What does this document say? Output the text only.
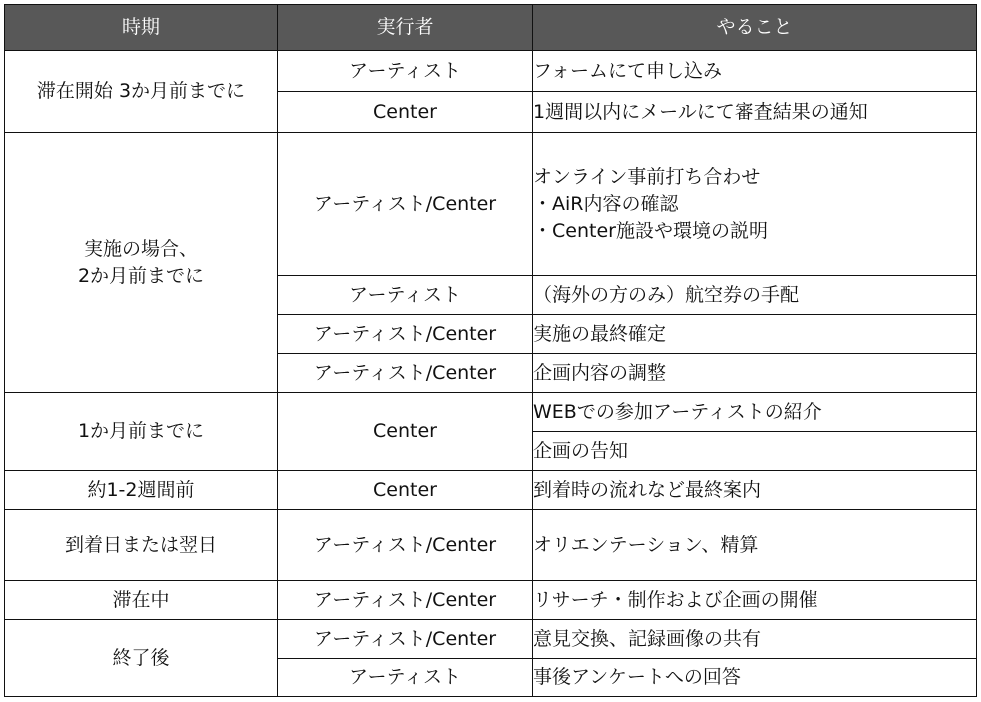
時期	実行者	やること

滞在開始 3か月前までに	アーティスト	フォームにて申し込み

	Center	1週間以内にメールにて審査結果の通知

実施の場合、
2か月前までに	アーティスト/Center	オンライン事前打ち合わせ
・AiR内容の確認
・Center施設や環境の説明

	アーティスト	（海外の方のみ）航空券の手配

	アーティスト/Center	実施の最終確定

	アーティスト/Center	企画内容の調整

1か月前までに	Center	WEBでの参加アーティストの紹介

		企画の告知

約1-2週間前	Center	到着時の流れなど最終案内

到着日または翌日	アーティスト/Center	オリエンテーション、精算

滞在中	アーティスト/Center	リサーチ・制作および企画の開催

終了後	アーティスト/Center	意見交換、記録画像の共有

	アーティスト	事後アンケートへの回答
